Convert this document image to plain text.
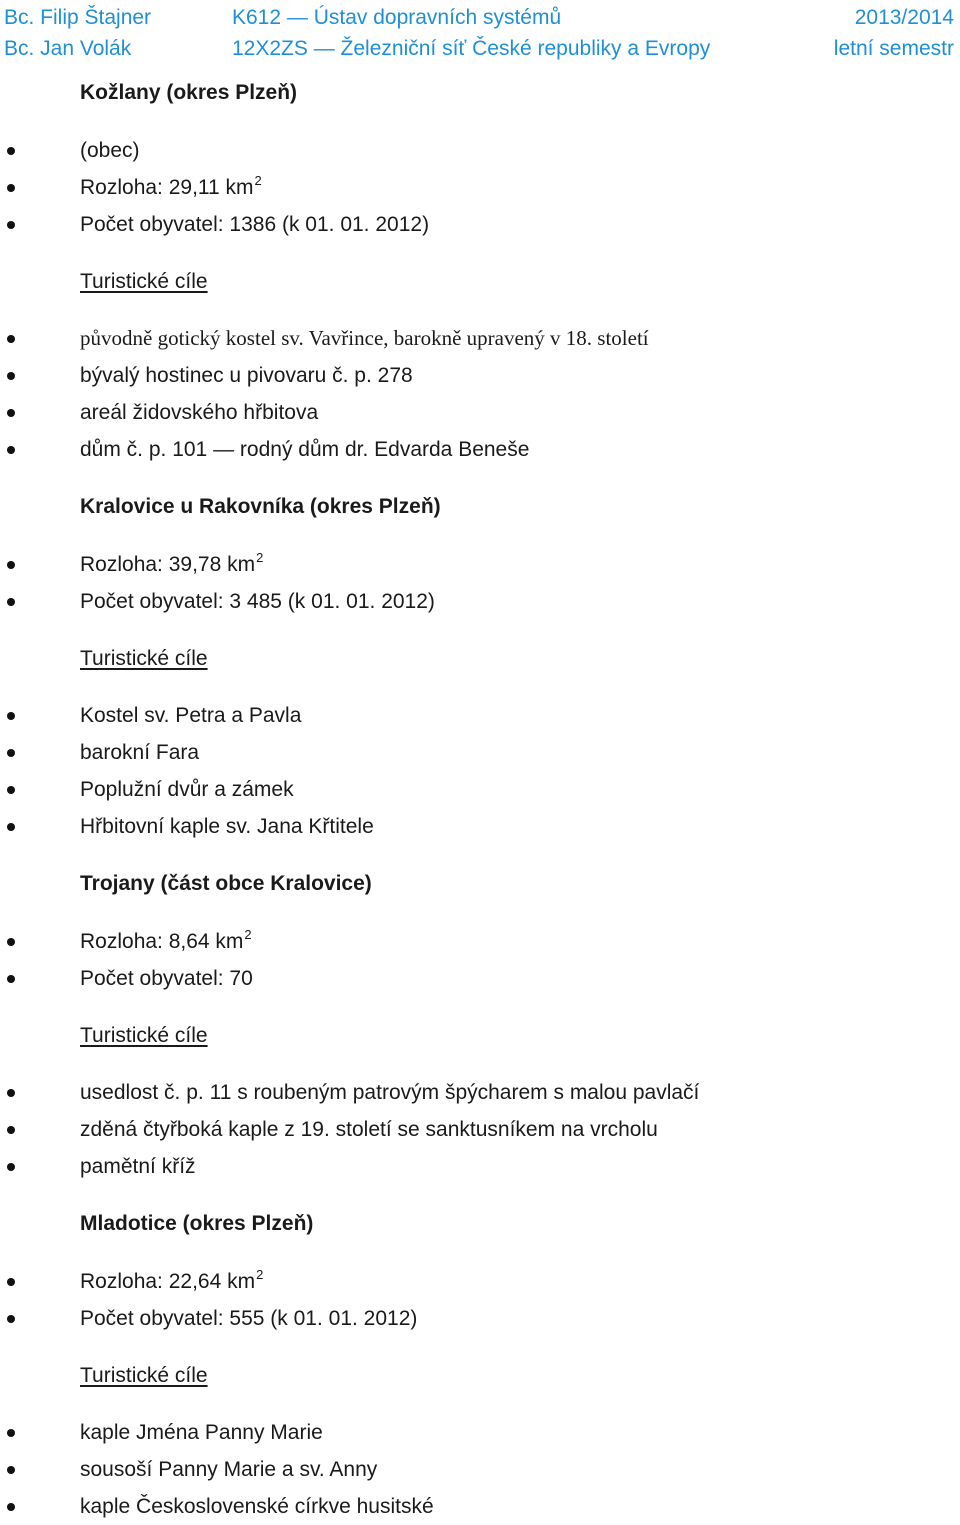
Bc. Filip Štajner	K612 — Ústav dopravních systémů	2013/2014
Bc. Jan Volák	12X2ZS — Železniční síť České republiky a Evropy	letní semestr
Kožlany (okres Plzeň)
(obec)
Rozloha: 29,11 $km^2$
Počet obyvatel: 1386 (k 01. 01. 2012)
Turistické cíle
původně gotický kostel sv. Vavřince, barokně upravený v 18. století
bývalý hostinec u pivovaru č. p. 278
areál židovského hřbitova
dům č. p. 101 — rodný dům dr. Edvarda Beneše
Kralovice u Rakovníka (okres Plzeň)
Rozloha: 39,78 $km^2$
Počet obyvatel: 3 485 (k 01. 01. 2012)
Turistické cíle
Kostel sv. Petra a Pavla
barokní Fara
Poplužní dvůr a zámek
Hřbitovní kaple sv. Jana Křtitele
Trojany (část obce Kralovice)
Rozloha: 8,64 $km^2$
Počet obyvatel: 70
Turistické cíle
usedlost č. p. 11 s roubeným patrovým špýcharem s malou pavlačí
zděná čtyřboká kaple z 19. století se sanktusníkem na vrcholu
pamětní kříž
Mladotice (okres Plzeň)
Rozloha: 22,64 $km^2$
Počet obyvatel: 555 (k 01. 01. 2012)
Turistické cíle
kaple Jména Panny Marie
sousoší Panny Marie a sv. Anny
kaple Československé církve husitské
